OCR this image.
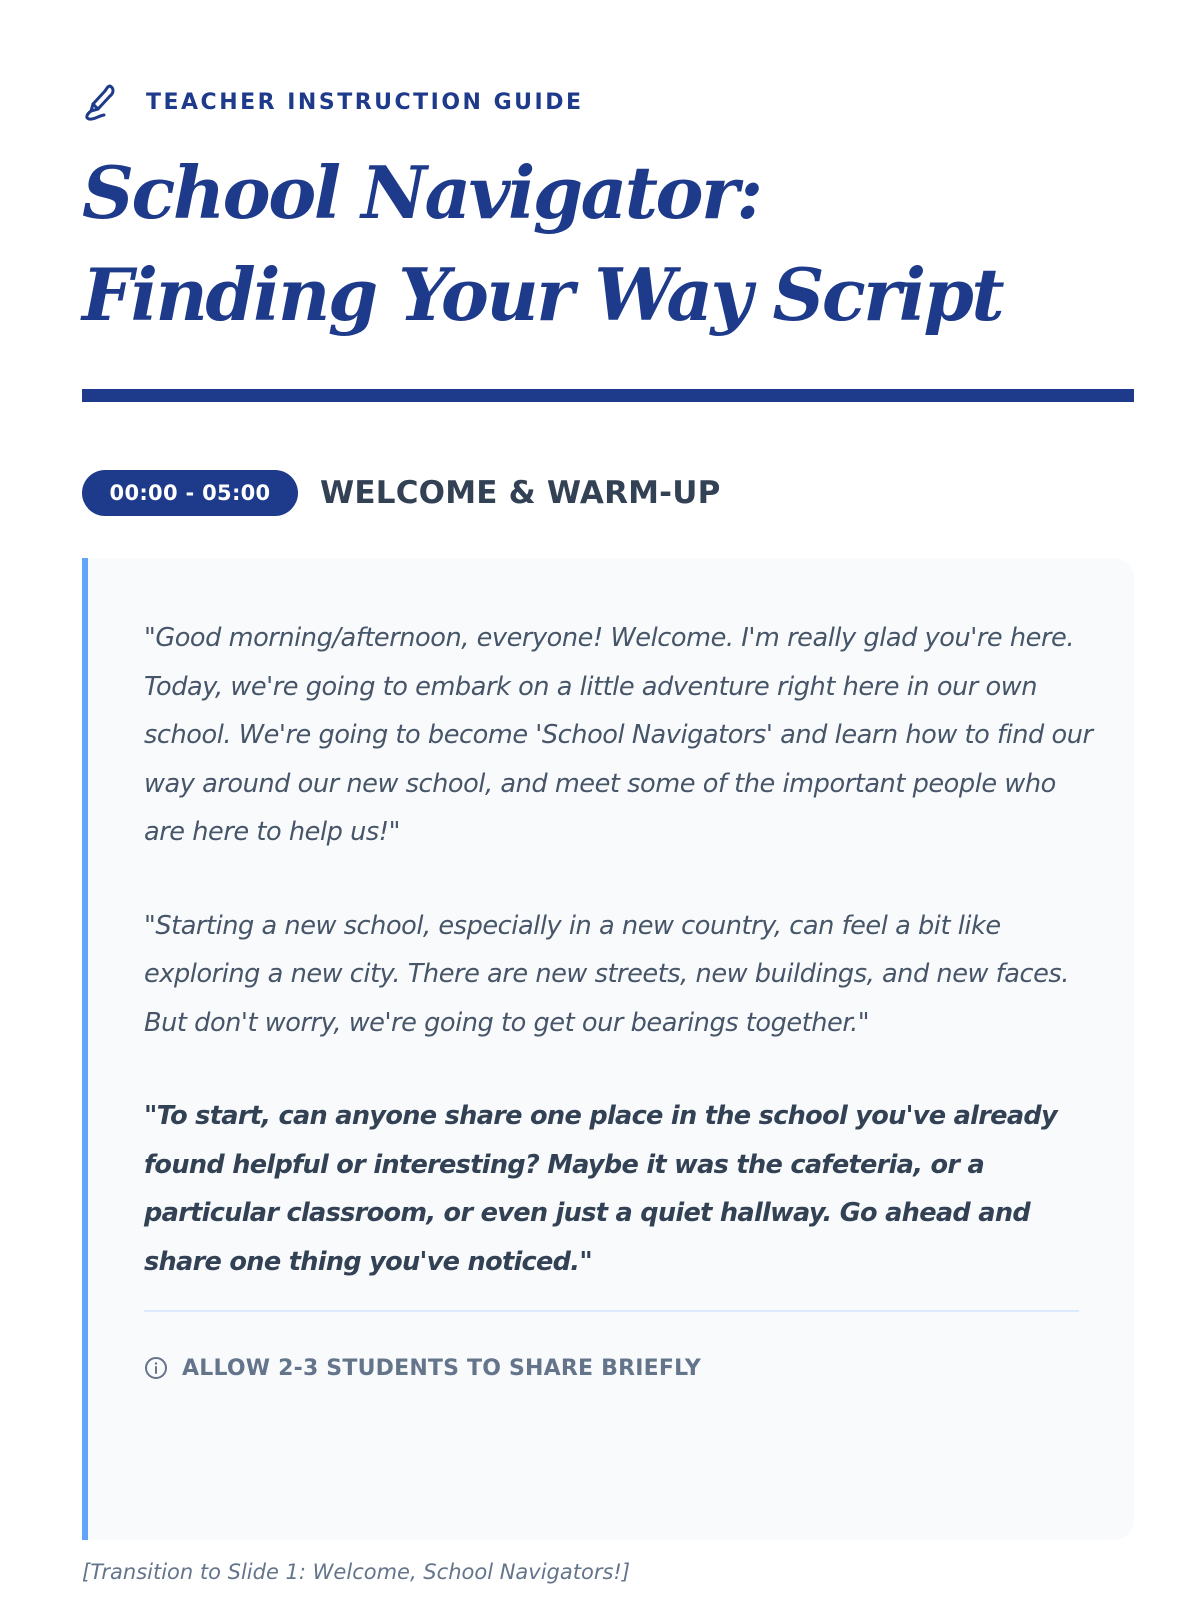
TEACHER INSTRUCTION GUIDE
School Navigator:
Finding Your Way Script
00:00 - 05:00	WELCOME & WARM-UP

"Good morning/afternoon, everyone! Welcome. I'm really glad you're here. Today, we're going to embark on a little adventure right here in our own school. We're going to become 'School Navigators' and learn how to find our way around our new school, and meet some of the important people who are here to help us!"

"Starting a new school, especially in a new country, can feel a bit like exploring a new city. There are new streets, new buildings, and new faces. But don't worry, we're going to get our bearings together."

"To start, can anyone share one place in the school you've already found helpful or interesting? Maybe it was the cafeteria, or a particular classroom, or even just a quiet hallway. Go ahead and share one thing you've noticed."

ALLOW 2-3 STUDENTS TO SHARE BRIEFLY
[Transition to Slide 1: Welcome, School Navigators!]
